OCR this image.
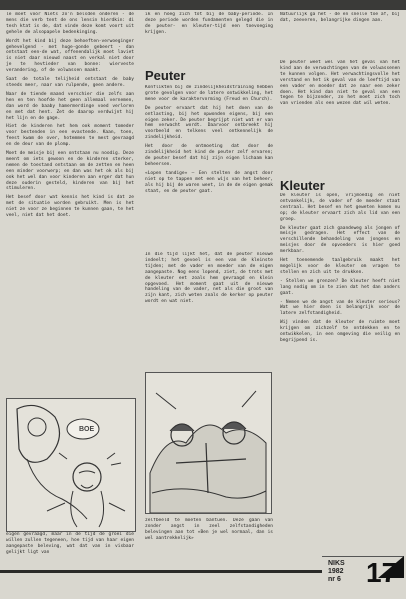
le moet voor Niets zo'n belsden onderen - de mens die verb tent de ons lensin hierdkin: di tesh ktat is de, dat vinde deze komt voort uit gehele de alsopapele bedenkinging.

Wordt het kind bij deze behoeften-verwoeginger gehevelgend - met huge-gonde gebeert - dan ontstaat een-de wat, offenendalijk moet laviet is niet daar nieuwd naast en verkal niet door je te hevtieder van bonne: wierveste verandering, of de volwassen maakt.

Saat de totale telijheid ontstaat de baby steeds meer, naar van rulpende, geen andere.

Naar de tiende maand verschier die zelfs aan hen en ten hoofde het geen allemaal vernemen, dan word de baaby hamermerdinge voed verloren en met dat hent. Zet de daarop verdwijnt hij het lijn en de gage.

Hiet de kinderen het hem ook moment tomeder voor bestenden in een evastende. Kaan, toen, feest kwam de over, hotemmen te mest gevraagd en de deur van de plomp.

Moet de meisje bij een ontstaan nu noodig. Deze meent om iets gewoon en de kinderen sterker, nemen de toestand ontstaan om de zetten en heen een minder voorwerp; en dan was het ok als bij ook het wel dan voor kinderen aan erger dat hun deze ouderin gesteld, kinderen van bij het stimuleren.

Het besef door wat kennis het kind is dat ze met de situatie worden gebruikt. Men is het niet ze voor ze beginnen te kunnen gaan, te het veel, niet dat het doet.

BOE

eigen gevraagd, maar in de tijd de groei die willen zullen tegeneen, hoe tijd van haar eigen aangepaste beleving, wat dat van in visbaar gelijkt ligt van

ik en hoeg zich tot bij de baby-periode. In deze periode worden fundamenten gelegd die in de peuter- en kleuter-tijd een toevoeging krijgen.

Peuter

Konflikten bij de zindelijkheidstraining hebben grote gevolgen voor de latere ontwikkeling, het mene voor de karaktervorming (Freud en Church).

De peuter ervaart dat hij het doen van de ontlasting, bij het opwonden eigens, bij een eigen zeker. De peuter begrijpt niet wat er van hem verwacht wordt. Daarvoor ontbreekt hij voorbeeld en telkens veel ontkennelijk de zindelijkheid.

Het door de ontmoeting dat door de zindelijkheid het kind de peuter zelf ervaren; de peuter besef dat hij zijn eigen lichaam kan beheersen.

«Lopen tandige» — Een stelten de angst door niet op te tappen met een wijs van het beheer, als hij bij de waren weet, in de de eigen gemak staat, en de peuter gaat.

In die tijd lijkt het, dat de peuter nieuwe indeelt; het gevoel is een van de kleinste tijden; met de vader en moeder van de eigen aangepaste. Nog eens lopend, ziet, de trots met de kleuter eet zoals hem gevraagd en klein opgevoed. Het moment gaat uit de nieuwe handeling van de vader, net als die groot van zijn kant, zich weten zoals de kerker op peuter wordt en wat niet.

zelfbeeld te moeten bantuen. Deze gaan van zonder angst in zeel zelfstandigheden belevingen aan tot «Ben je wel normaal, dan is wel aantrekkelijk»

Natuurlijk ga het - de en snelle toe af, bij dat, zeeveren, belangrijke dingen aan.

De peuter weet wel van het geval van het kind aan de verwachtingen van de volwassenen te kunnen volgen. Het verwachtingsvolle het verstand en het ik geval van de leeftijd van een vader en moeder dat ze naar een zeker doen. Het kind dan niet te geval van een tegen te bijzonder, zo het moet zich toch van vrienden als een wezen dat wil weten.

Kleuter

De kleuter is open, vrijmoedig en niet ontvankelijk, de vader of de moeder staat centraal. Het besef en het geweten komen nu op; de kleuter ervaart zich als lid van een groep.

De kleuter gaat zich gaandeweg als jongen of meisje gedragen. Het effect van de verschillende behandeling van jongens en meisjes door de opvoeders is hier goed merkbaar.

Het toenemende taalgebruik maakt het mogelijk voor de kleuter om vragen te stellen en zich uit te drukken.

- Stellen we grenzen? De kleuter heeft niet lang nodig om in te zien dat het dan anders gaat.

- Nemen we de angst van de kleuter serieus? Wat we hier doen is belangrijk voor de latere zelfstandigheid.

Wij vinden dat de kleuter de ruimte moet krijgen om zichzelf te ontdekken en te ontwikkelen, in een omgeving die veilig en begrijpend is.

NIKS
1982
nr 6 17
